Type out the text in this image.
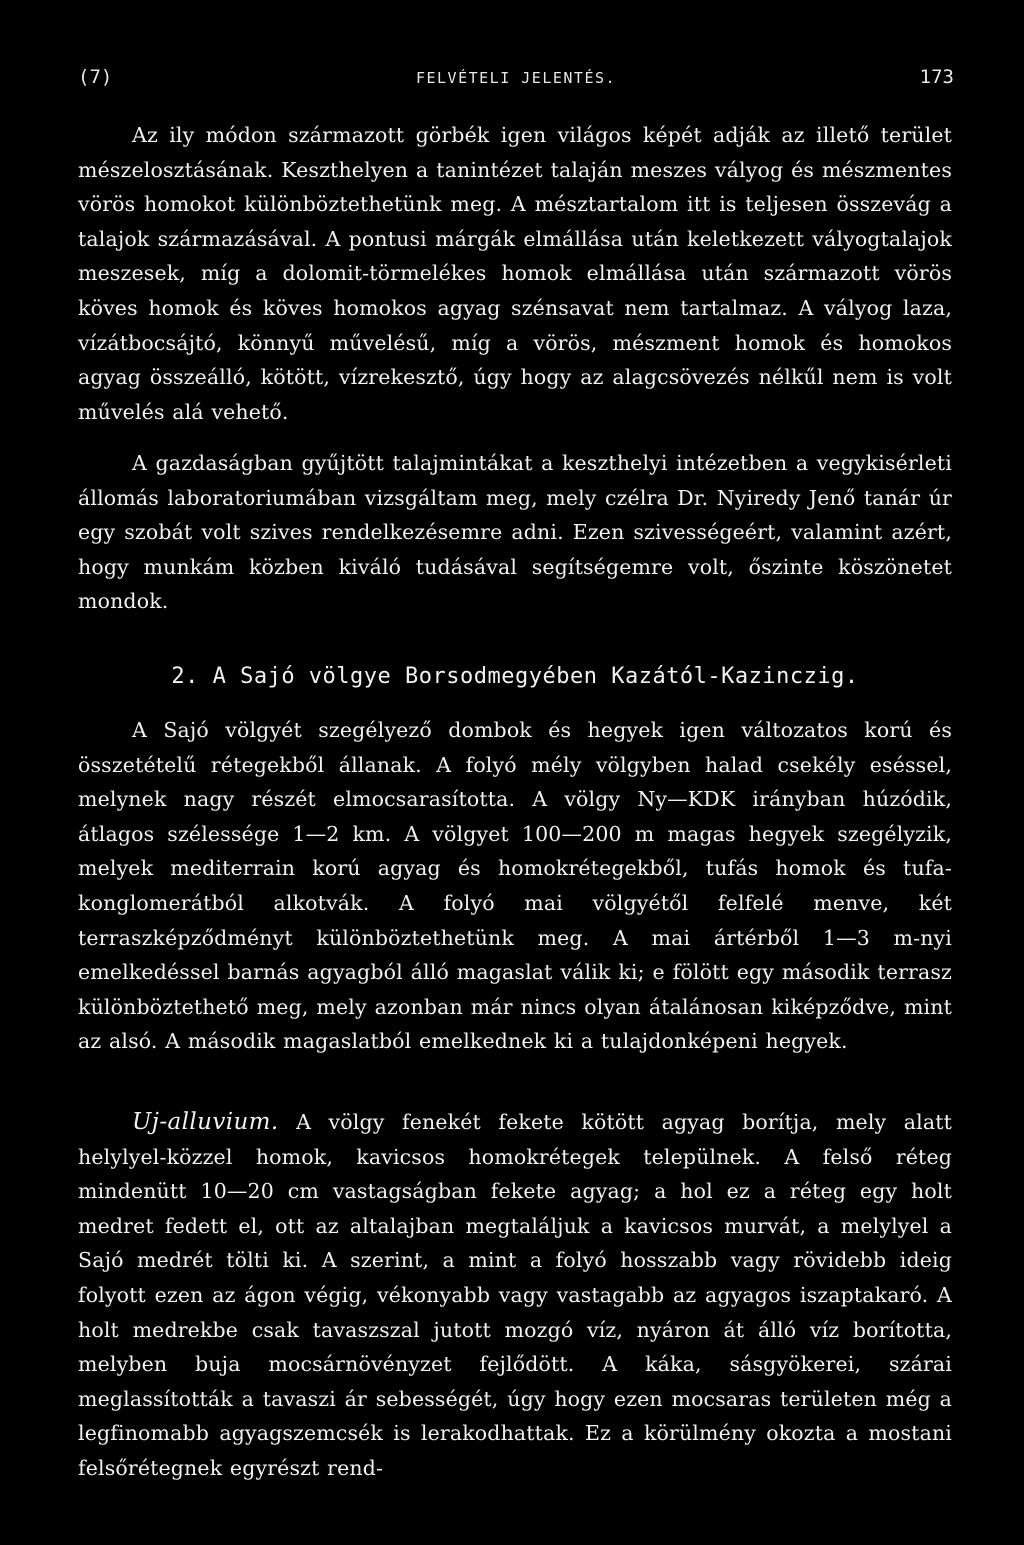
(7)	FELVÉTELI JELENTÉS.	173

Az ily módon származott görbék igen világos képét adják az illető terület mészelosztásának. Keszthelyen a tanintézet talaján meszes vályog és mészmentes vörös homokot különböztethetünk meg. A mésztartalom itt is teljesen összevág a talajok származásával. A pontusi márgák elmállása után keletkezett vályogtalajok meszesek, míg a dolomit-törmelékes homok elmállása után származott vörös köves homok és köves homokos agyag szénsavat nem tartalmaz. A vályog laza, vízátbocsájtó, könnyű művelésű, míg a vörös, mészment homok és homokos agyag összeálló, kötött, vízrekesztő, úgy hogy az alagcsövezés nélkűl nem is volt művelés alá vehető.

A gazdaságban gyűjtött talajmintákat a keszthelyi intézetben a vegykisérleti állomás laboratoriumában vizsgáltam meg, mely czélra Dr. Nyiredy Jenő tanár úr egy szobát volt szives rendelkezésemre adni. Ezen szivességeért, valamint azért, hogy munkám közben kiváló tudásával segítségemre volt, őszinte köszönetet mondok.

2. A Sajó völgye Borsodmegyében Kazától-Kazinczig.

A Sajó völgyét szegélyező dombok és hegyek igen változatos korú és összetételű rétegekből állanak. A folyó mély völgyben halad csekély eséssel, melynek nagy részét elmocsarasította. A völgy Ny—KDK irányban húzódik, átlagos szélessége 1—2 km. A völgyet 100—200 m magas hegyek szegélyzik, melyek mediterrain korú agyag és homokrétegekből, tufás homok és tufa-konglomerátból alkotvák. A folyó mai völgyétől felfelé menve, két terraszképződményt különböztethetünk meg. A mai ártérből 1—3 m-nyi emelkedéssel barnás agyagból álló magaslat válik ki; e fölött egy második terrasz különböztethető meg, mely azonban már nincs olyan átalánosan kiképződve, mint az alsó. A második magaslatból emelkednek ki a tulajdonképeni hegyek.

Uj-alluvium. A völgy fenekét fekete kötött agyag borítja, mely alatt helylyel-közzel homok, kavicsos homokrétegek települnek. A felső réteg mindenütt 10—20 cm vastagságban fekete agyag; a hol ez a réteg egy holt medret fedett el, ott az altalajban megtaláljuk a kavicsos murvát, a melylyel a Sajó medrét tölti ki. A szerint, a mint a folyó hosszabb vagy rövidebb ideig folyott ezen az ágon végig, vékonyabb vagy vastagabb az agyagos iszaptakaró. A holt medrekbe csak tavaszszal jutott mozgó víz, nyáron át álló víz borította, melyben buja mocsárnövényzet fejlődött. A káka, sásgyökerei, szárai meglassították a tavaszi ár sebességét, úgy hogy ezen mocsaras területen még a legfinomabb agyagszemcsék is lerakodhattak. Ez a körülmény okozta a mostani felsőrétegnek egyrészt rend-
